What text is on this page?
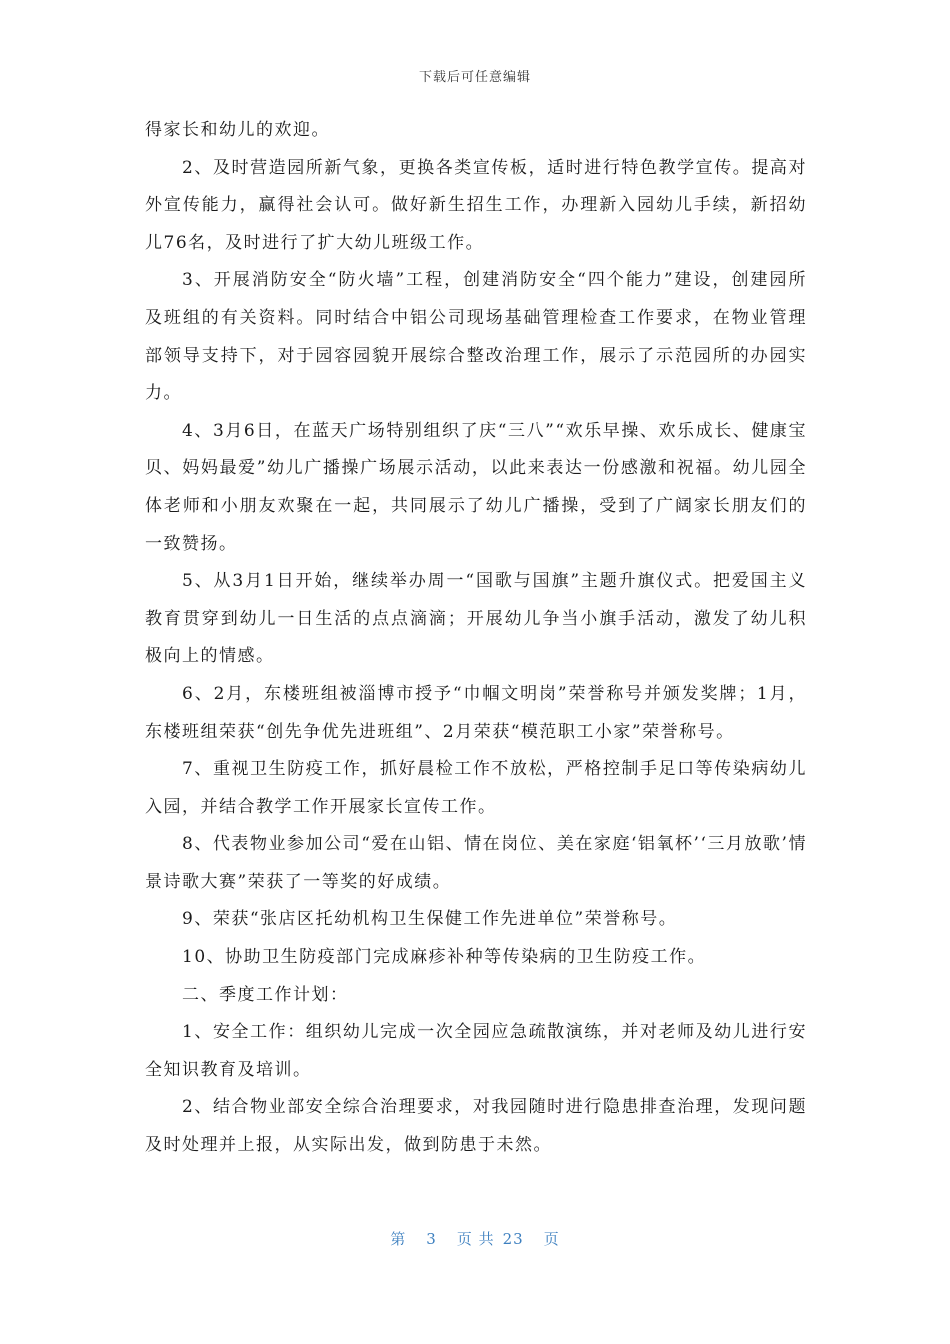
下载后可任意编辑

得家长和幼儿的欢迎。

2、及时营造园所新气象，更换各类宣传板，适时进行特色教学宣传。提高对外宣传能力，赢得社会认可。做好新生招生工作，办理新入园幼儿手续，新招幼儿76名，及时进行了扩大幼儿班级工作。

3、开展消防安全“防火墙”工程，创建消防安全“四个能力”建设，创建园所及班组的有关资料。同时结合中铝公司现场基础管理检查工作要求，在物业管理部领导支持下，对于园容园貌开展综合整改治理工作，展示了示范园所的办园实力。

4、3月6日，在蓝天广场特别组织了庆“三八”“欢乐早操、欢乐成长、健康宝贝、妈妈最爱”幼儿广播操广场展示活动，以此来表达一份感激和祝福。幼儿园全体老师和小朋友欢聚在一起，共同展示了幼儿广播操，受到了广阔家长朋友们的一致赞扬。

5、从3月1日开始，继续举办周一“国歌与国旗”主题升旗仪式。把爱国主义教育贯穿到幼儿一日生活的点点滴滴；开展幼儿争当小旗手活动，激发了幼儿积极向上的情感。

6、2月，东楼班组被淄博市授予“巾帼文明岗”荣誉称号并颁发奖牌；1月，东楼班组荣获“创先争优先进班组”、2月荣获“模范职工小家”荣誉称号。

7、重视卫生防疫工作，抓好晨检工作不放松，严格控制手足口等传染病幼儿入园，并结合教学工作开展家长宣传工作。

8、代表物业参加公司“爱在山铝、情在岗位、美在家庭‘铝氧杯’‘三月放歌’情景诗歌大赛”荣获了一等奖的好成绩。

9、荣获“张店区托幼机构卫生保健工作先进单位”荣誉称号。

10、协助卫生防疫部门完成麻疹补种等传染病的卫生防疫工作。

二、季度工作计划：

1、安全工作：组织幼儿完成一次全园应急疏散演练，并对老师及幼儿进行安全知识教育及培训。

2、结合物业部安全综合治理要求，对我园随时进行隐患排查治理，发现问题及时处理并上报，从实际出发，做到防患于未然。

第 3 页 共 23 页
